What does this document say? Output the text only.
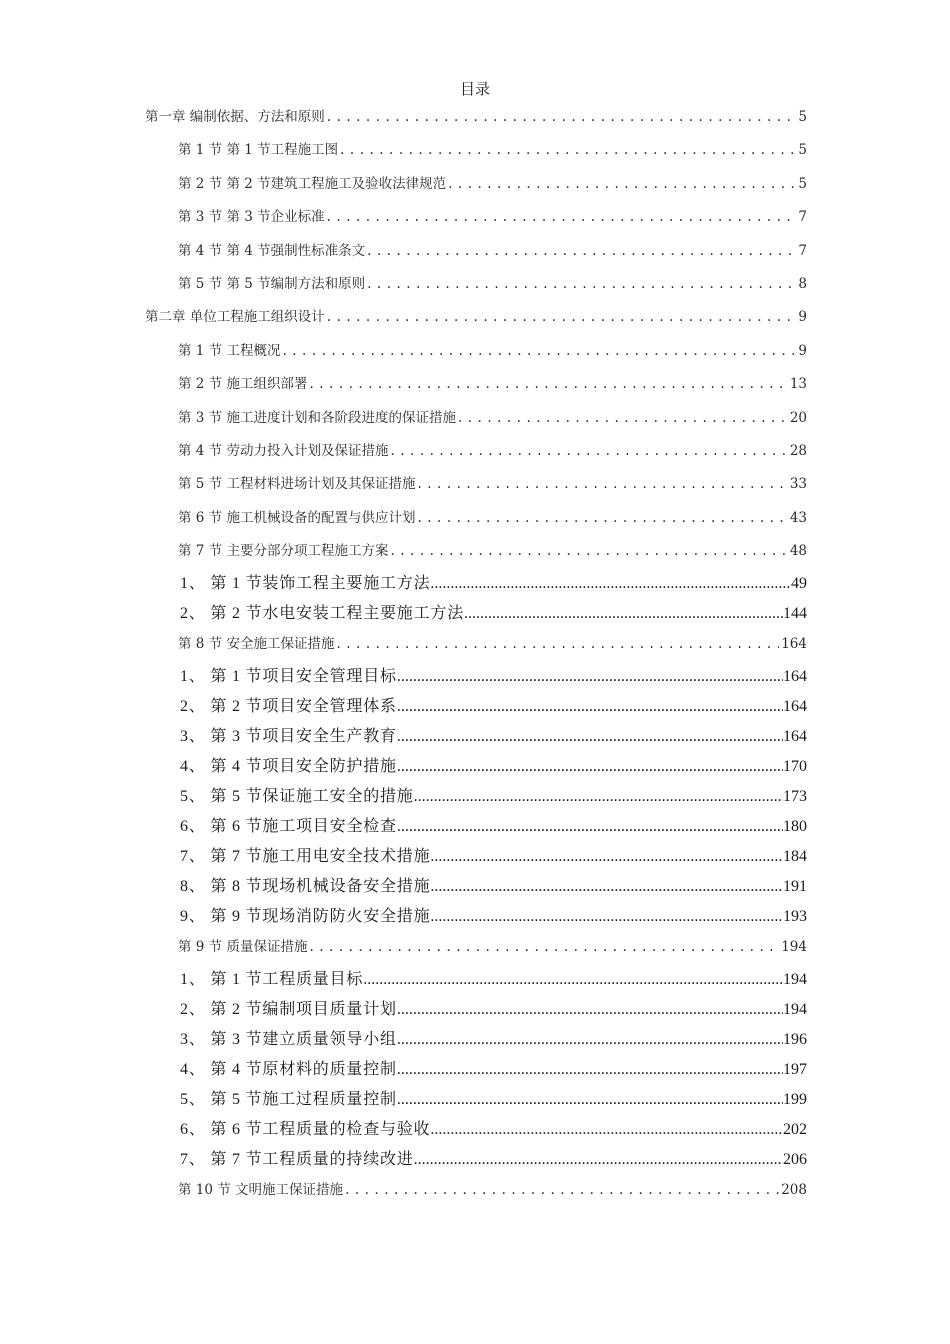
目录
第一章 编制依据、方法和原则 . . .	5
第 1 节 第 1 节工程施工图 . . .	5
第 2 节 第 2 节建筑工程施工及验收法律规范 . . .	5
第 3 节 第 3 节企业标准 . . .	7
第 4 节 第 4 节强制性标准条文 . . .	7
第 5 节 第 5 节编制方法和原则 . . .	8
第二章 单位工程施工组织设计 . . .	9
第 1 节 工程概况 . . .	9
第 2 节 施工组织部署 . . .	13
第 3 节 施工进度计划和各阶段进度的保证措施 . . .	20
第 4 节 劳动力投入计划及保证措施 . . .	28
第 5 节 工程材料进场计划及其保证措施 . . .	33
第 6 节 施工机械设备的配置与供应计划 . . .	43
第 7 节 主要分部分项工程施工方案 . . .	48
1、 第 1 节装饰工程主要施工方法 .....	49
2、 第 2 节水电安装工程主要施工方法 .....	144
第 8 节 安全施工保证措施 . . .	164
1、 第 1 节项目安全管理目标 .....	164
2、 第 2 节项目安全管理体系 .....	164
3、 第 3 节项目安全生产教育 .....	164
4、 第 4 节项目安全防护措施 .....	170
5、 第 5 节保证施工安全的措施 .....	173
6、 第 6 节施工项目安全检查 .....	180
7、 第 7 节施工用电安全技术措施 .....	184
8、 第 8 节现场机械设备安全措施 .....	191
9、 第 9 节现场消防防火安全措施 .....	193
第 9 节 质量保证措施 . . .	194
1、 第 1 节工程质量目标 .....	194
2、 第 2 节编制项目质量计划 .....	194
3、 第 3 节建立质量领导小组 .....	196
4、 第 4 节原材料的质量控制 .....	197
5、 第 5 节施工过程质量控制 .....	199
6、 第 6 节工程质量的检查与验收 .....	202
7、 第 7 节工程质量的持续改进 .....	206
第 10 节 文明施工保证措施 . . .	208
